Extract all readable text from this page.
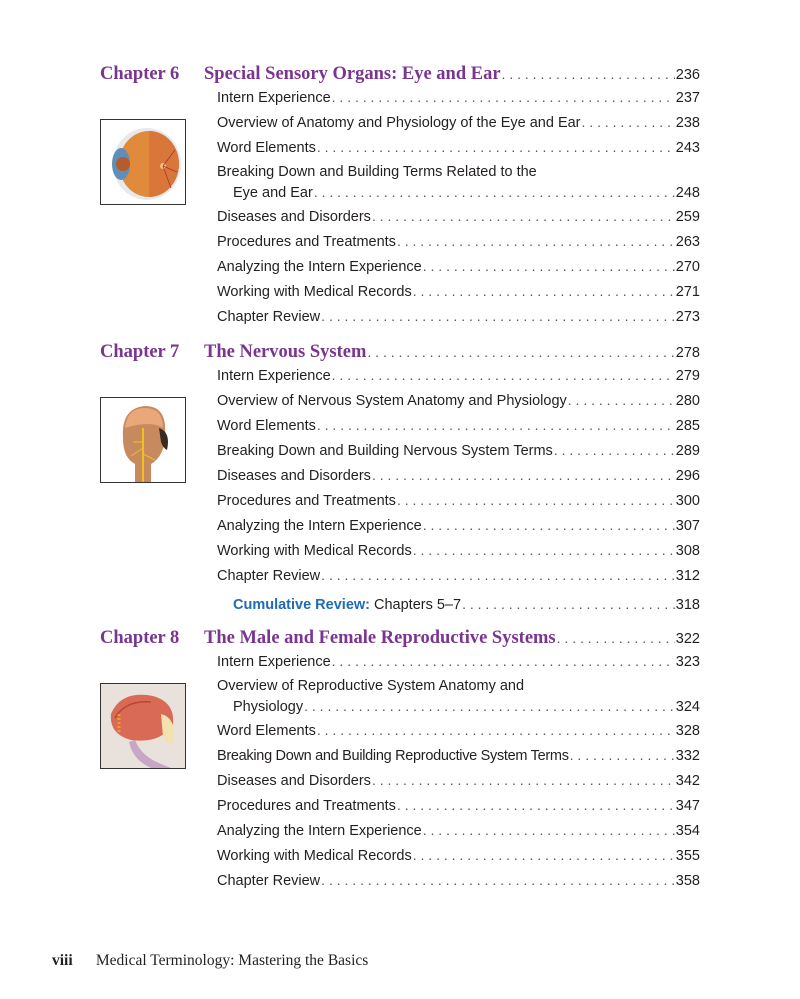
Chapter 6	Special Sensory Organs: Eye and Ear . . .	236
Intern Experience . . .	237
Overview of Anatomy and Physiology of the Eye and Ear . . .	238
Word Elements . . .	243
Breaking Down and Building Terms Related to the
Eye and Ear . . .	248
Diseases and Disorders . . .	259
Procedures and Treatments . . .	263
Analyzing the Intern Experience . . .	270
Working with Medical Records . . .	271
Chapter Review . . .	273
Chapter 7	The Nervous System . . .	278
Intern Experience . . .	279
Overview of Nervous System Anatomy and Physiology . . .	280
Word Elements . . .	285
Breaking Down and Building Nervous System Terms . . .	289
Diseases and Disorders . . .	296
Procedures and Treatments . . .	300
Analyzing the Intern Experience . . .	307
Working with Medical Records . . .	308
Chapter Review . . .	312
Cumulative Review: Chapters 5–7 . . .	318
Chapter 8	The Male and Female Reproductive Systems . . .	322
Intern Experience . . .	323
Overview of Reproductive System Anatomy and
Physiology . . .	324
Word Elements . . .	328
Breaking Down and Building Reproductive System Terms . . .	332
Diseases and Disorders . . .	342
Procedures and Treatments . . .	347
Analyzing the Intern Experience . . .	354
Working with Medical Records . . .	355
Chapter Review . . .	358
viii Medical Terminology: Mastering the Basics
